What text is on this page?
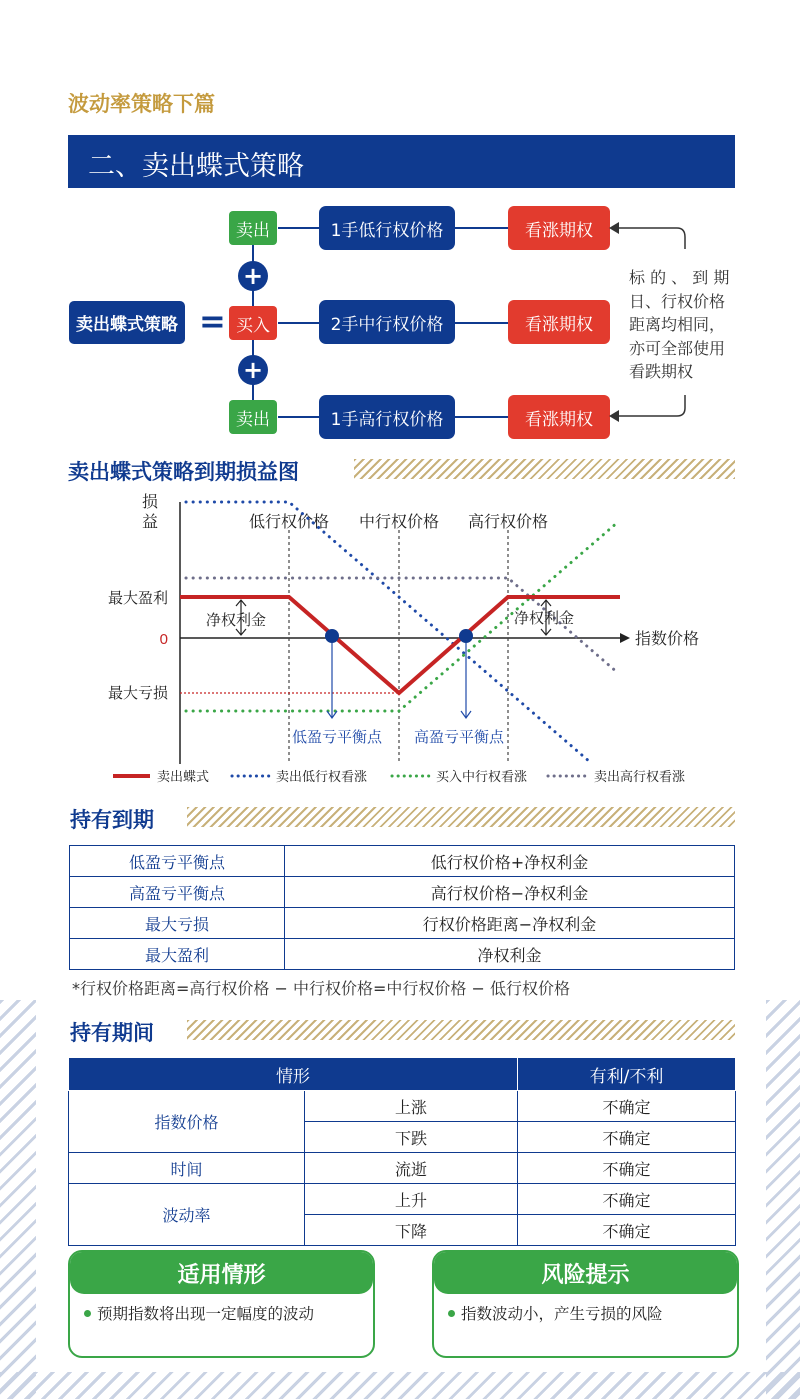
波动率策略下篇
二、卖出蝶式策略
卖出蝶式策略 =
卖出
买入
卖出
+
+
1手低行权价格
2手中行权价格
1手高行权价格
看涨期权
看涨期权
看涨期权
标 的 、 到 期
日、行权价格
距离均相同，
亦可全部使用
看跌期权
卖出蝶式策略到期损益图
损
益
指数价格
低行权价格 中行权价格 高行权价格
最大盈利
0
最大亏损
净权利金	净权利金
低盈亏平衡点 高盈亏平衡点
卖出蝶式	卖出低行权看涨	买入中行权看涨	卖出高行权看涨
持有到期
低盈亏平衡点	低行权价格+净权利金
高盈亏平衡点	高行权价格−净权利金
最大亏损	行权价格距离−净权利金
最大盈利	净权利金
*行权价格距离=高行权价格 − 中行权价格=中行权价格 − 低行权价格
持有期间
情形		有利/不利
指数价格	上涨	不确定
	下跌	不确定
时间	流逝	不确定
波动率	上升	不确定
	下降	不确定
适用情形
预期指数将出现一定幅度的波动
风险提示
指数波动小，产生亏损的风险
